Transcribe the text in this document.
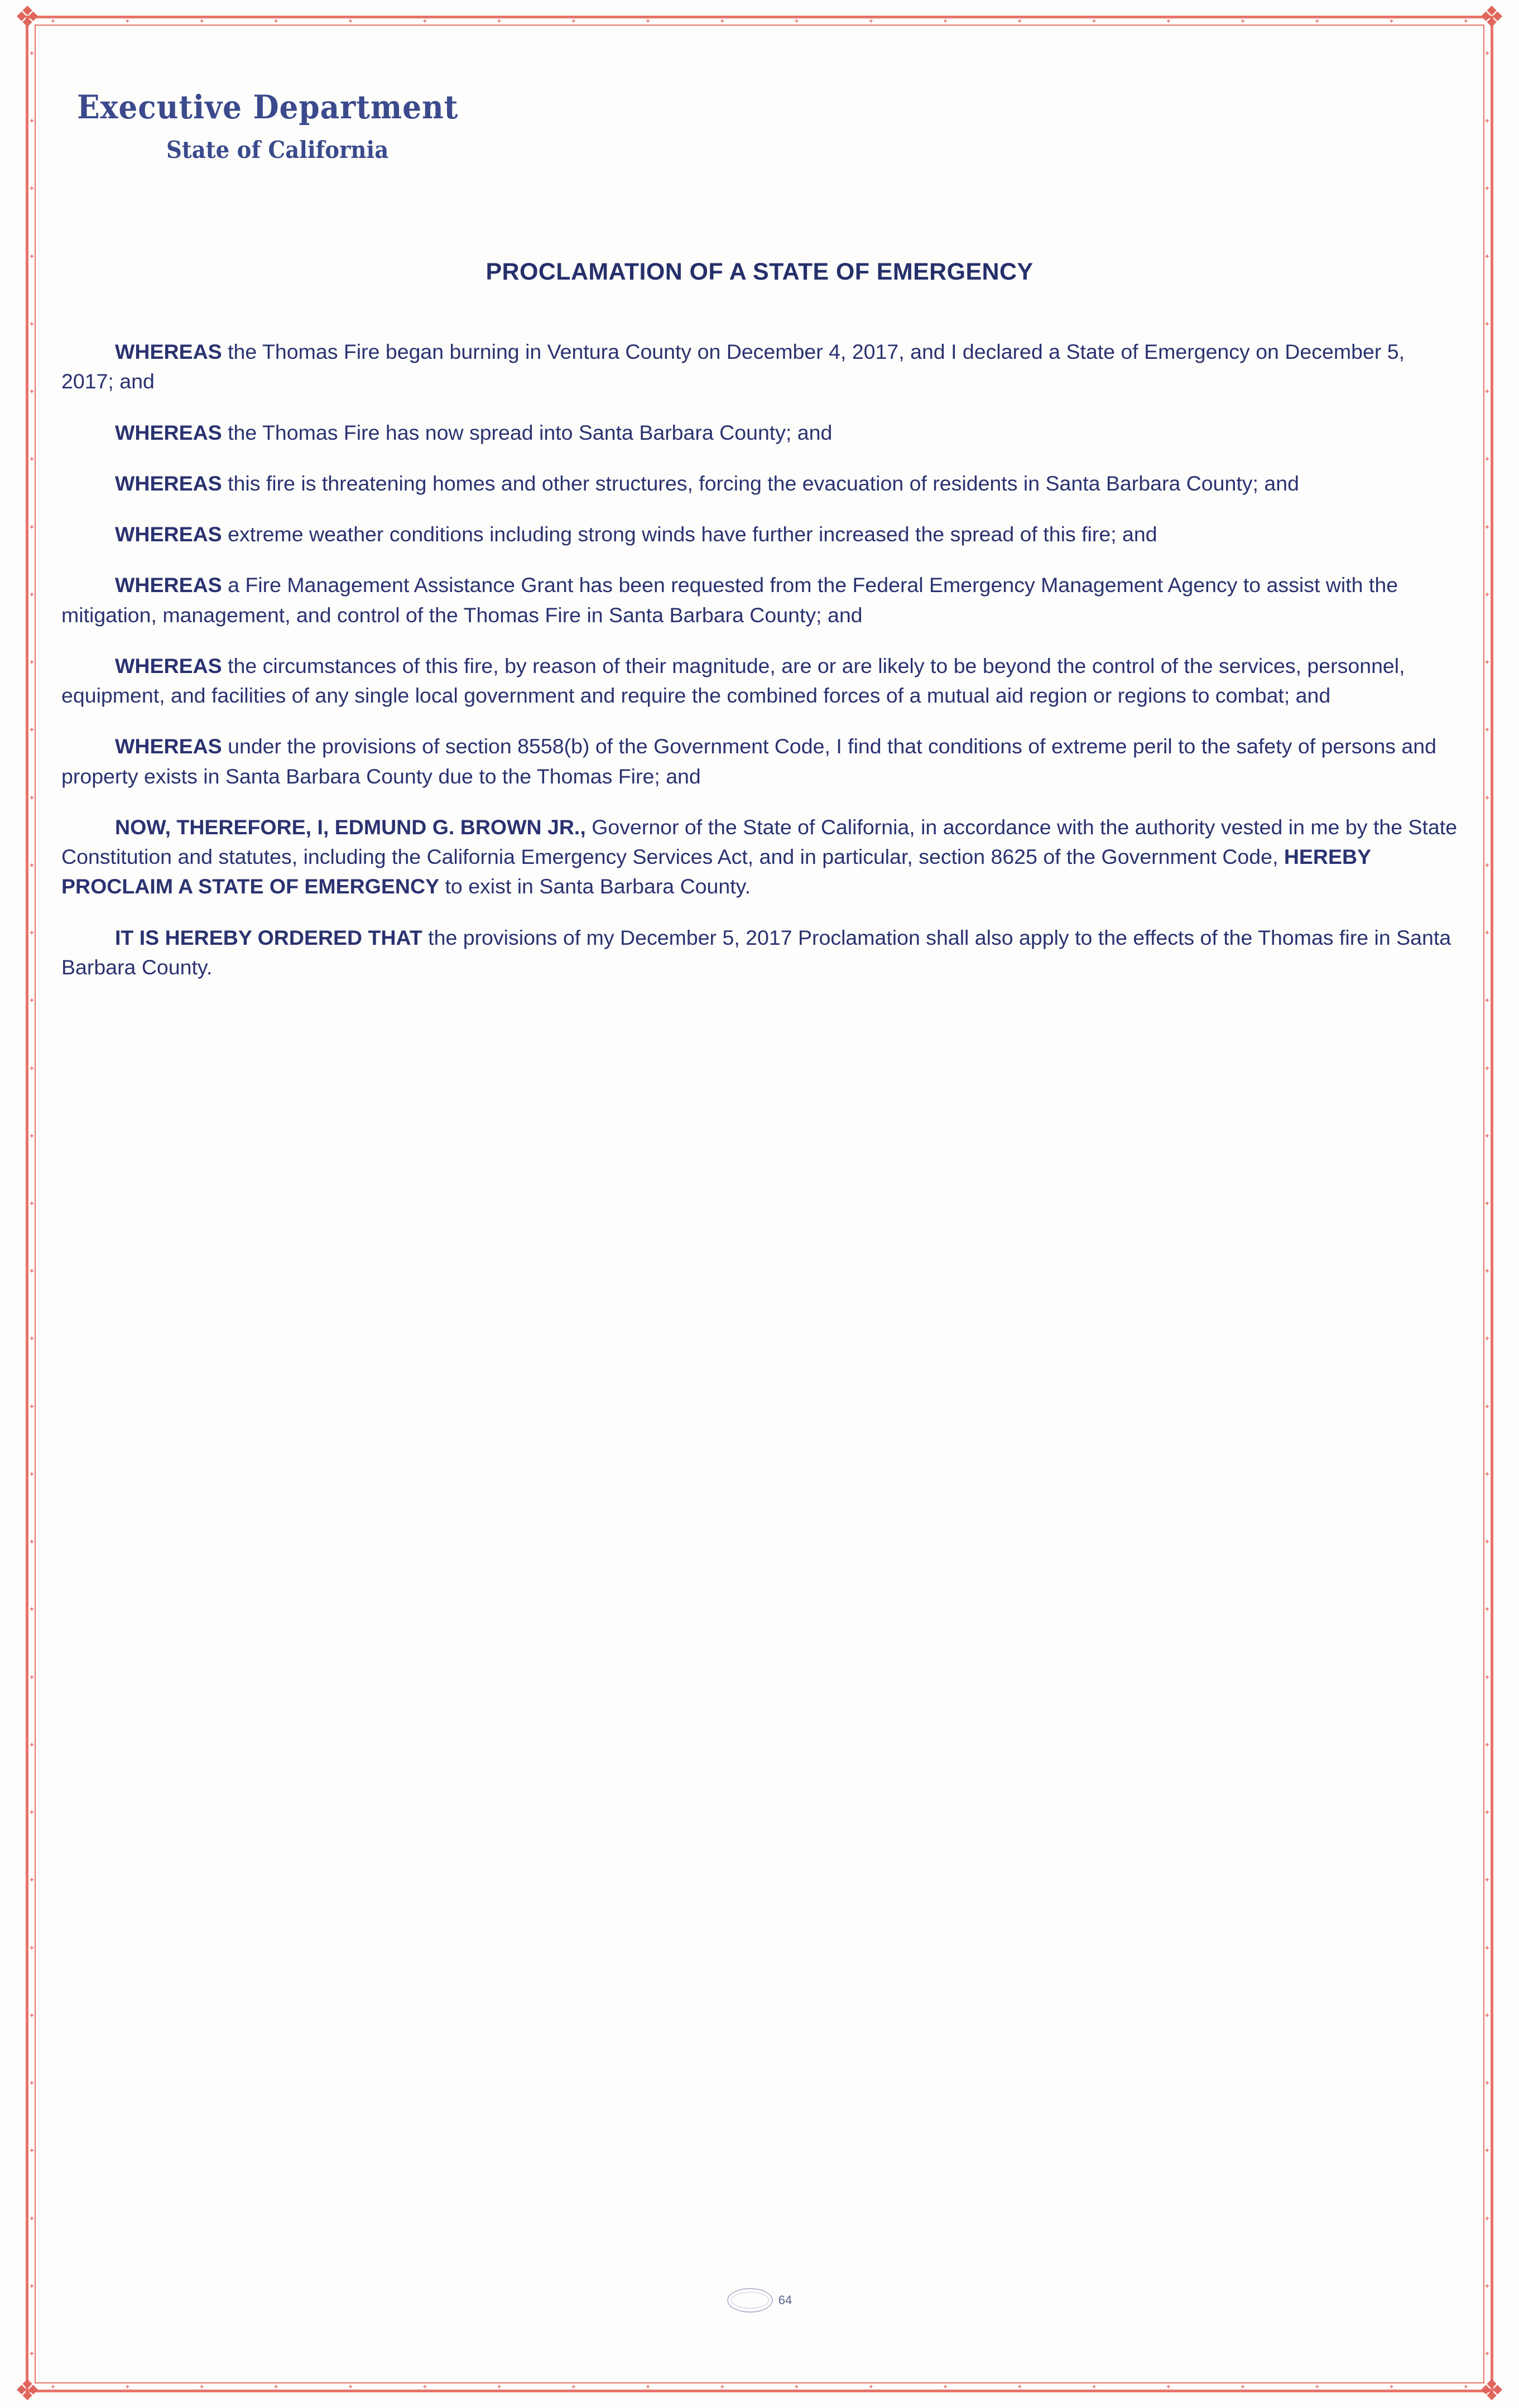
❖	❖
❖	❖
✦
✦
✦
✦
✦
✦
✦
✦
✦
✦
✦
✦
✦
✦
✦
✦
✦
✦
✦
✦
✦
✦
✦
✦
✦
✦
✦
✦
✦
✦
✦
✦
✦
✦
✦
✦
✦
✦
✦
✦
✦
✦
✦
✦
✦
✦
✦
✦
✦
✦
✦
✦
✦
✦
✦
✦
✦
✦
✦
✦
✦
✦
✦
✦
✦
✦
✦
✦
✦
✦
✦	✦	✦	✦	✦	✦	✦	✦	✦	✦	✦	✦	✦	✦	✦	✦	✦	✦	✦	✦
✦	✦	✦	✦	✦	✦	✦	✦	✦	✦	✦	✦	✦	✦	✦	✦	✦	✦	✦	✦
Executive Department
State of California
PROCLAMATION OF A STATE OF EMERGENCY

WHEREAS the Thomas Fire began burning in Ventura County on December 4, 2017, and I declared a State of Emergency on December 5, 2017; and

WHEREAS the Thomas Fire has now spread into Santa Barbara County; and

WHEREAS this fire is threatening homes and other structures, forcing the evacuation of residents in Santa Barbara County; and

WHEREAS extreme weather conditions including strong winds have further increased the spread of this fire; and

WHEREAS a Fire Management Assistance Grant has been requested from the Federal Emergency Management Agency to assist with the mitigation, management, and control of the Thomas Fire in Santa Barbara County; and

WHEREAS the circumstances of this fire, by reason of their magnitude, are or are likely to be beyond the control of the services, personnel, equipment, and facilities of any single local government and require the combined forces of a mutual aid region or regions to combat; and

WHEREAS under the provisions of section 8558(b) of the Government Code, I find that conditions of extreme peril to the safety of persons and property exists in Santa Barbara County due to the Thomas Fire; and

NOW, THEREFORE, I, EDMUND G. BROWN JR., Governor of the State of California, in accordance with the authority vested in me by the State Constitution and statutes, including the California Emergency Services Act, and in particular, section 8625 of the Government Code, HEREBY PROCLAIM A STATE OF EMERGENCY to exist in Santa Barbara County.

IT IS HEREBY ORDERED THAT the provisions of my December 5, 2017 Proclamation shall also apply to the effects of the Thomas fire in Santa Barbara County.

64
